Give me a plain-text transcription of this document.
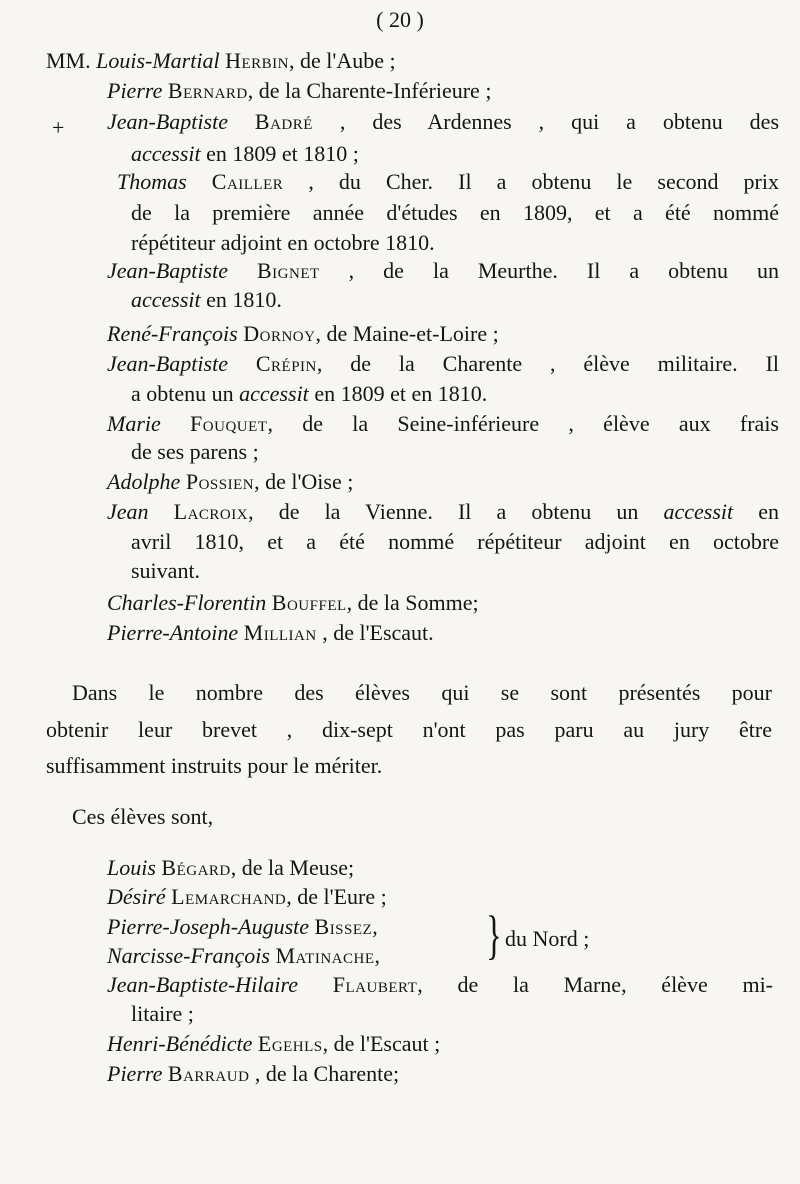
( 20 )
+
MM. Louis-Martial Herbin, de l'Aube ;
Pierre Bernard, de la Charente-Inférieure ;
Jean-Baptiste Badré , des Ardennes , qui a obtenu des
accessit en 1809 et 1810 ;
Thomas Cailler , du Cher. Il a obtenu le second prix
de la première année d'études en 1809, et a été nommé
répétiteur adjoint en octobre 1810.
Jean-Baptiste Bignet , de la Meurthe. Il a obtenu un
accessit en 1810.
René-François Dornoy, de Maine-et-Loire ;
Jean-Baptiste Crépin, de la Charente , élève militaire. Il
a obtenu un accessit en 1809 et en 1810.
Marie Fouquet, de la Seine-inférieure , élève aux frais
de ses parens ;
Adolphe Possien, de l'Oise ;
Jean Lacroix, de la Vienne. Il a obtenu un accessit en
avril 1810, et a été nommé répétiteur adjoint en octobre
suivant.
Charles-Florentin Bouffel, de la Somme;
Pierre-Antoine Millian , de l'Escaut.
Dans le nombre des élèves qui se sont présentés pour
obtenir leur brevet , dix-sept n'ont pas paru au jury être
suffisamment instruits pour le mériter.
Ces élèves sont,
Louis Bégard, de la Meuse;
Désiré Lemarchand, de l'Eure ;
Pierre-Joseph-Auguste Bissez,
Narcisse-François Matinache,
Jean-Baptiste-Hilaire Flaubert, de la Marne, élève mi-
litaire ;
Henri-Bénédicte Egehls, de l'Escaut ;
Pierre Barraud , de la Charente;
} du Nord ;
